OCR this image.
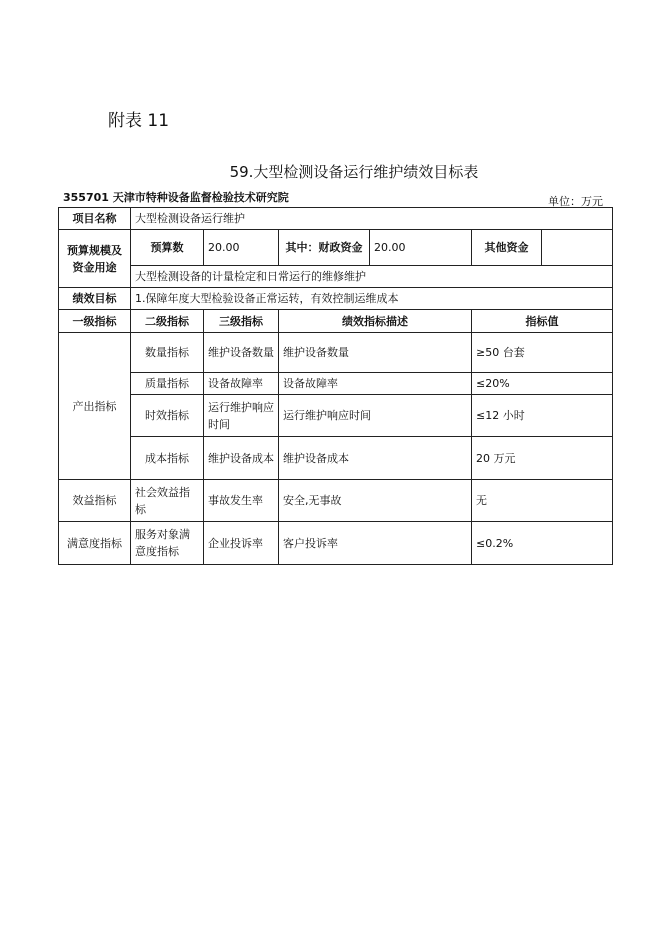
附表 11
59.大型检测设备运行维护绩效目标表
355701 天津市特种设备监督检验技术研究院	单位：万元
项目名称	大型检测设备运行维护					
预算规模及资金用途	预算数	20.00	其中：财政资金	20.00	其他资金	
	大型检测设备的计量检定和日常运行的维修维护					
绩效目标	1.保障年度大型检验设备正常运转，有效控制运维成本					
一级指标	二级指标	三级指标	绩效指标描述		指标值	
产出指标	数量指标	维护设备数量	维护设备数量		≥50 台套	
	质量指标	设备故障率	设备故障率		≤20%	
	时效指标	运行维护响应时间	运行维护响应时间		≤12 小时	
	成本指标	维护设备成本	维护设备成本		20 万元	
效益指标	社会效益指标	事故发生率	安全,无事故		无	
满意度指标	服务对象满意度指标	企业投诉率	客户投诉率		≤0.2%	
